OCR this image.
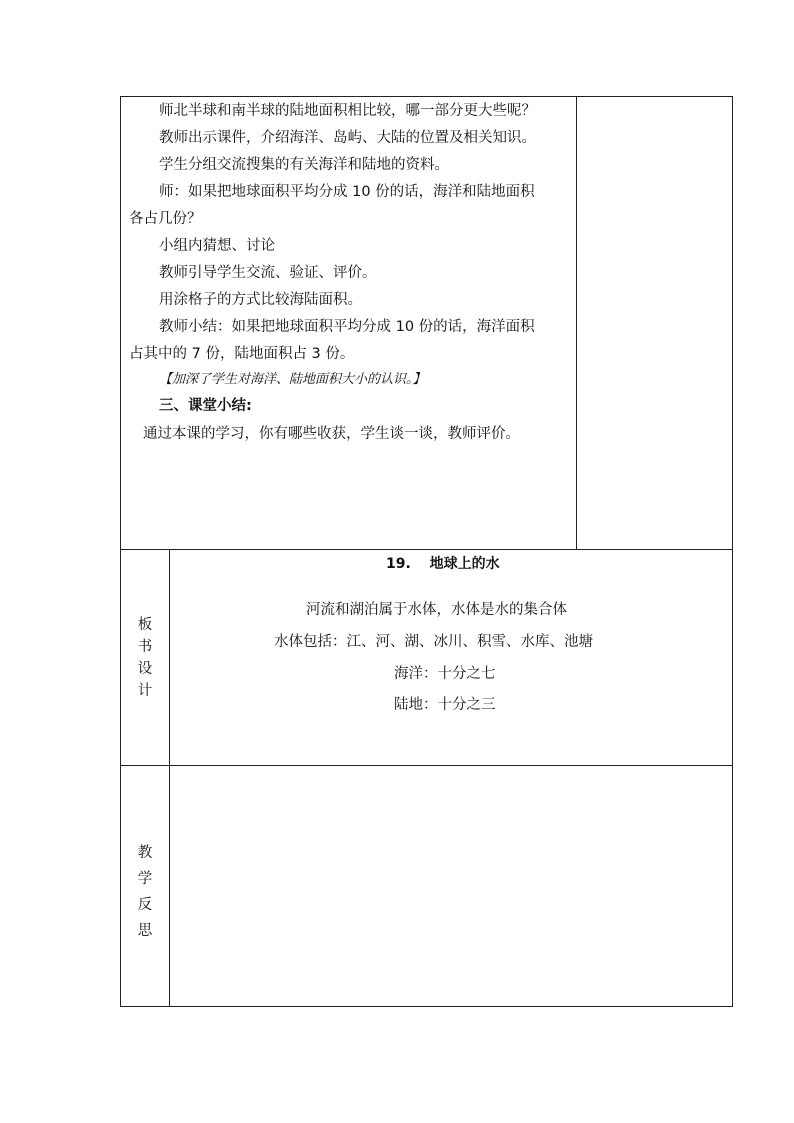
师北半球和南半球的陆地面积相比较，哪一部分更大些呢？
教师出示课件，介绍海洋、岛屿、大陆的位置及相关知识。
学生分组交流搜集的有关海洋和陆地的资料。
师：如果把地球面积平均分成 10 份的话，海洋和陆地面积
各占几份？
小组内猜想、讨论
教师引导学生交流、验证、评价。
用涂格子的方式比较海陆面积。
教师小结：如果把地球面积平均分成 10 份的话，海洋面积
占其中的 7 份，陆地面积占 3 份。
【加深了学生对海洋、陆地面积大小的认识。】
三、课堂小结:
通过本课的学习，你有哪些收获，学生谈一谈，教师评价。
板
书
设
计
19.　 地球上的水
河流和湖泊属于水体，水体是水的集合体
水体包括：江、河、湖、冰川、积雪、水库、池塘
海洋：十分之七
陆地：十分之三
教
学
反
思
